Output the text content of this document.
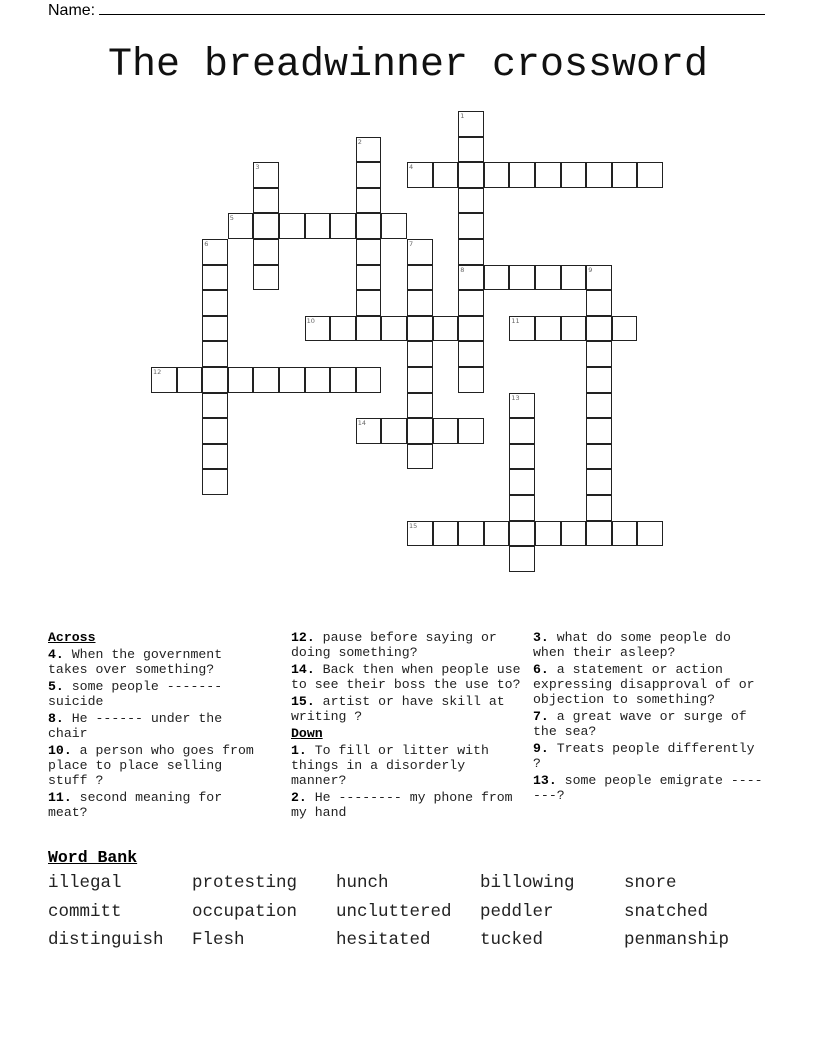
Name:
The breadwinner crossword
1
8
2
3	4
5
6	7
9
10	11
12
13
14
15
Across
4. When the government takes over something?
5. some people ------- suicide
8. He ------ under the chair
10. a person who goes from place to place selling stuff ?
11. second meaning for meat?
12. pause before saying or doing something?
14. Back then when people use to see their boss the use to?
15. artist or have skill at writing ?
Down
1. To fill or litter with things in a disorderly manner?
2. He -------- my phone from my hand
3. what do some people do when their asleep?
6. a statement or action expressing disapproval of or objection to something?
7. a great wave or surge of the sea?
9. Treats people differently ?
13. some people emigrate -------?
Word Bank
illegal	protesting hunch	billowing	snore
committ	occupation uncluttered peddler	snatched
distinguish Flesh	hesitated	tucked	penmanship
